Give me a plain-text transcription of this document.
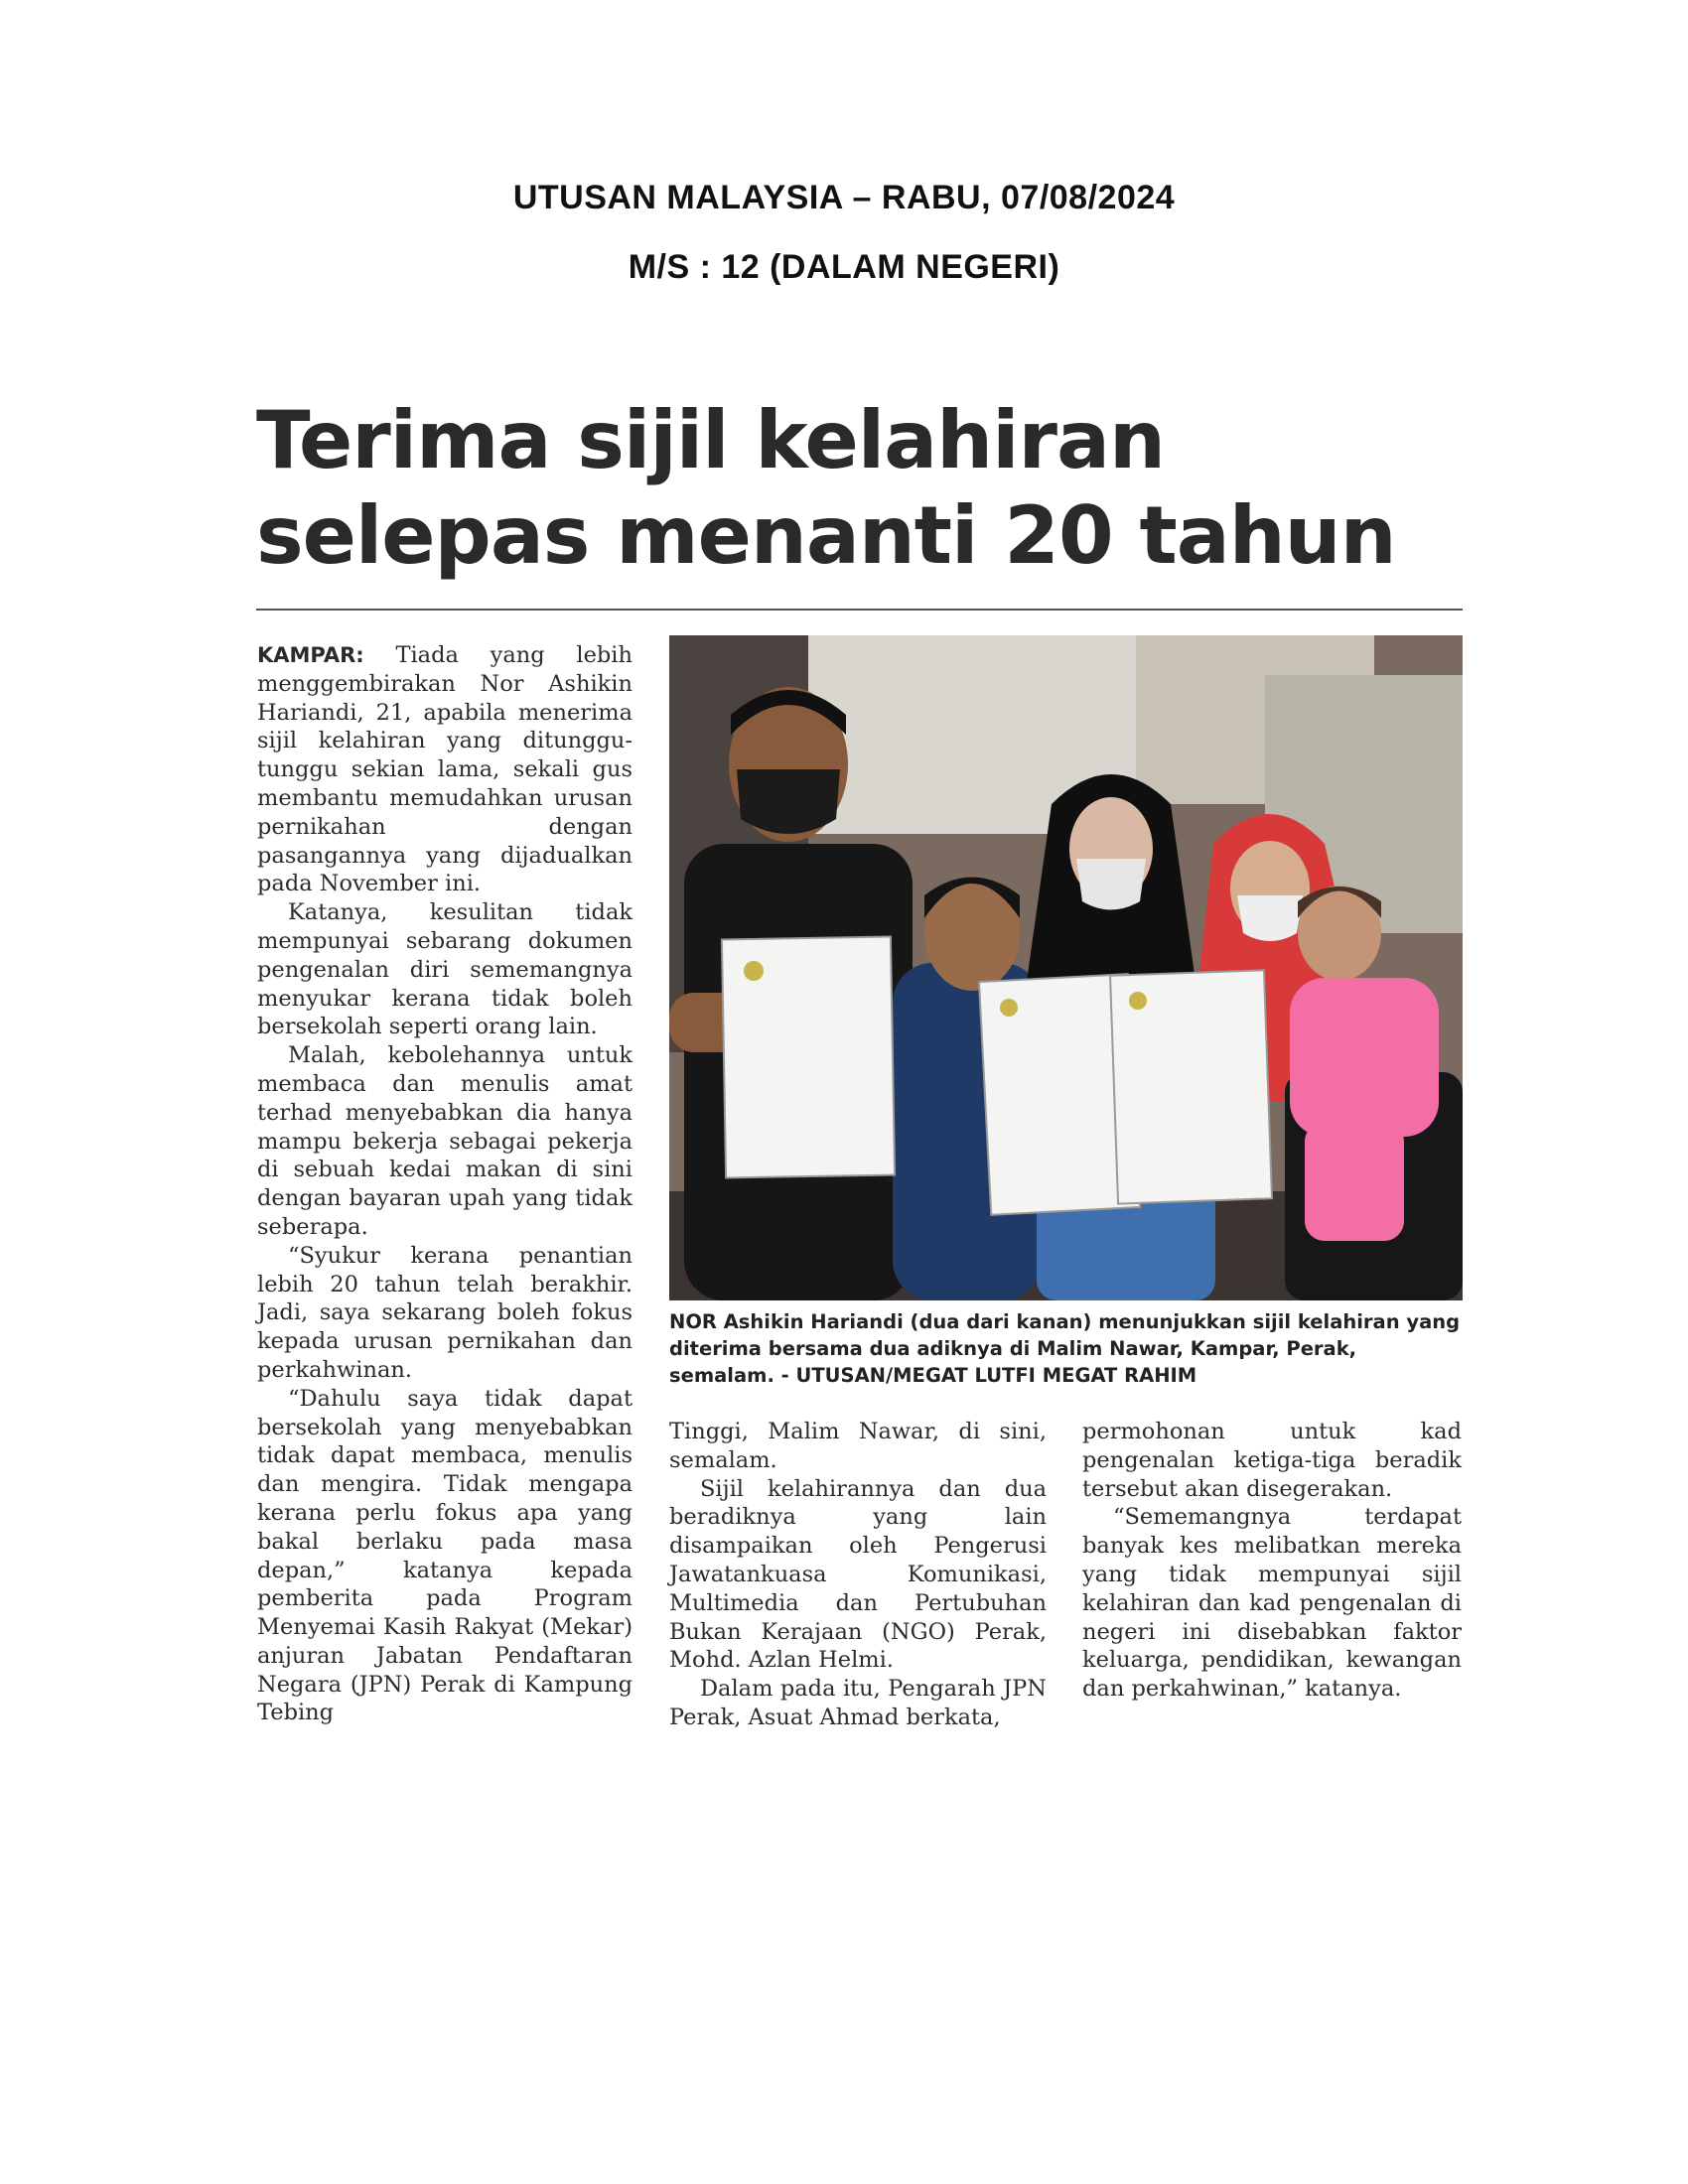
UTUSAN MALAYSIA – RABU, 07/08/2024
M/S : 12 (DALAM NEGERI)
Terima sijil kelahiran selepas menanti 20 tahun

KAMPAR: Tiada yang lebih menggembirakan Nor Ashikin Hariandi, 21, apabila menerima sijil kelahiran yang ditunggu-tunggu sekian lama, sekali gus membantu memudahkan urusan pernikahan dengan pasangannya yang dijadualkan pada November ini.

Katanya, kesulitan tidak mempunyai sebarang dokumen pengenalan diri sememangnya menyukar kerana tidak boleh bersekolah seperti orang lain.

Malah, kebolehannya untuk membaca dan menulis amat terhad menyebabkan dia hanya mampu bekerja sebagai pekerja di sebuah kedai makan di sini dengan bayaran upah yang tidak seberapa.

“Syukur kerana penantian lebih 20 tahun telah berakhir. Jadi, saya sekarang boleh fokus kepada urusan pernikahan dan perkahwinan.

“Dahulu saya tidak dapat bersekolah yang menyebabkan tidak dapat membaca, menulis dan mengira. Tidak mengapa kerana perlu fokus apa yang bakal berlaku pada masa depan,” katanya kepada pemberita pada Program Menyemai Kasih Rakyat (Mekar) anjuran Jabatan Pendaftaran Negara (JPN) Perak di Kampung Tebing

NOR Ashikin Hariandi (dua dari kanan) menunjukkan sijil kelahiran yang diterima bersama dua adiknya di Malim Nawar, Kampar, Perak, semalam. - UTUSAN/MEGAT LUTFI MEGAT RAHIM

Tinggi, Malim Nawar, di sini, semalam.

Sijil kelahirannya dan dua beradiknya yang lain disampaikan oleh Pengerusi Jawatankuasa Komunikasi, Multimedia dan Pertubuhan Bukan Kerajaan (NGO) Perak, Mohd. Azlan Helmi.

Dalam pada itu, Pengarah JPN Perak, Asuat Ahmad berkata,

permohonan untuk kad pengenalan ketiga-tiga beradik tersebut akan disegerakan.

“Sememangnya terdapat banyak kes melibatkan mereka yang tidak mempunyai sijil kelahiran dan kad pengenalan di negeri ini disebabkan faktor keluarga, pendidikan, kewangan dan perkahwinan,” katanya.
